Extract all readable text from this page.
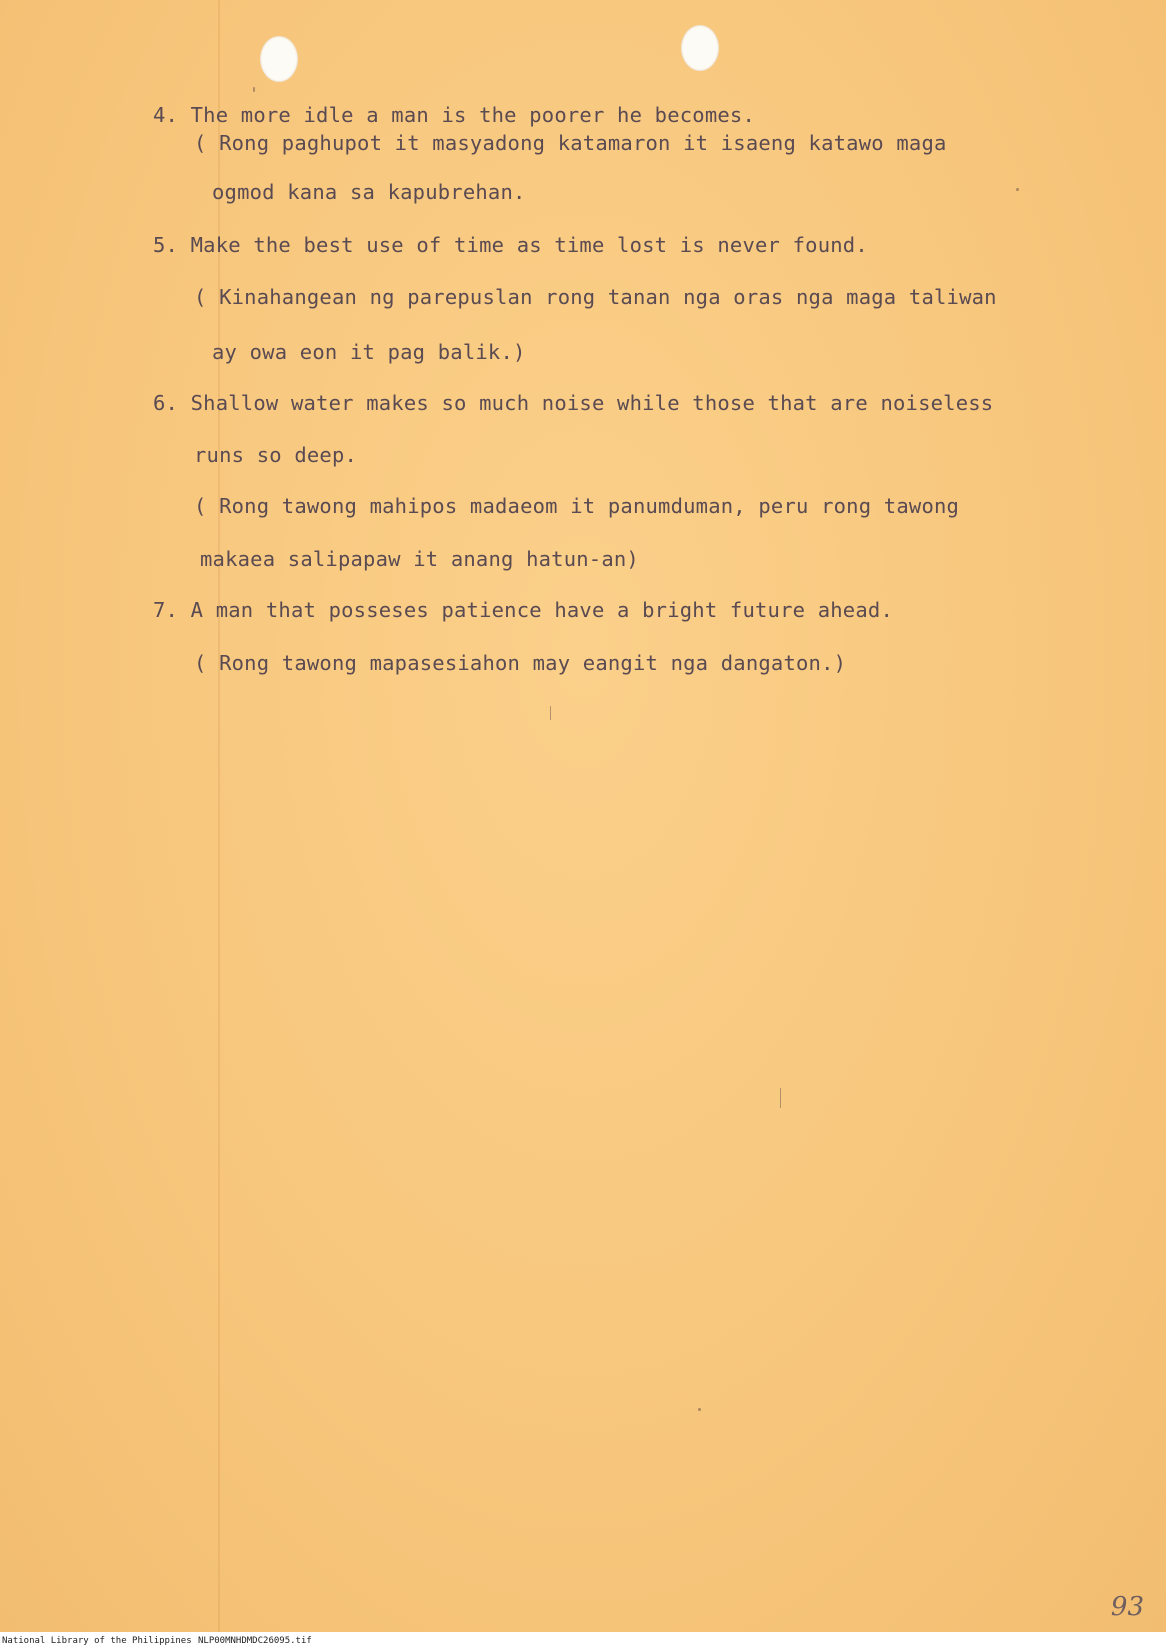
4. The more idle a man is the poorer he becomes.

( Rong paghupot it masyadong katamaron it isaeng katawo maga

ogmod kana sa kapubrehan.

5. Make the best use of time as time lost is never found.

( Kinahangean ng parepuslan rong tanan nga oras nga maga taliwan

ay owa eon it pag balik.)

6. Shallow water makes so much noise while those that are noiseless

runs so deep.

( Rong tawong mahipos madaeom it panumduman, peru rong tawong

makaea salipapaw it anang hatun-an)

7. A man that posseses patience have a bright future ahead.

( Rong tawong mapasesiahon may eangit nga dangaton.)

93
National Library of the Philippines NLP00MNHDMDC26095.tif
